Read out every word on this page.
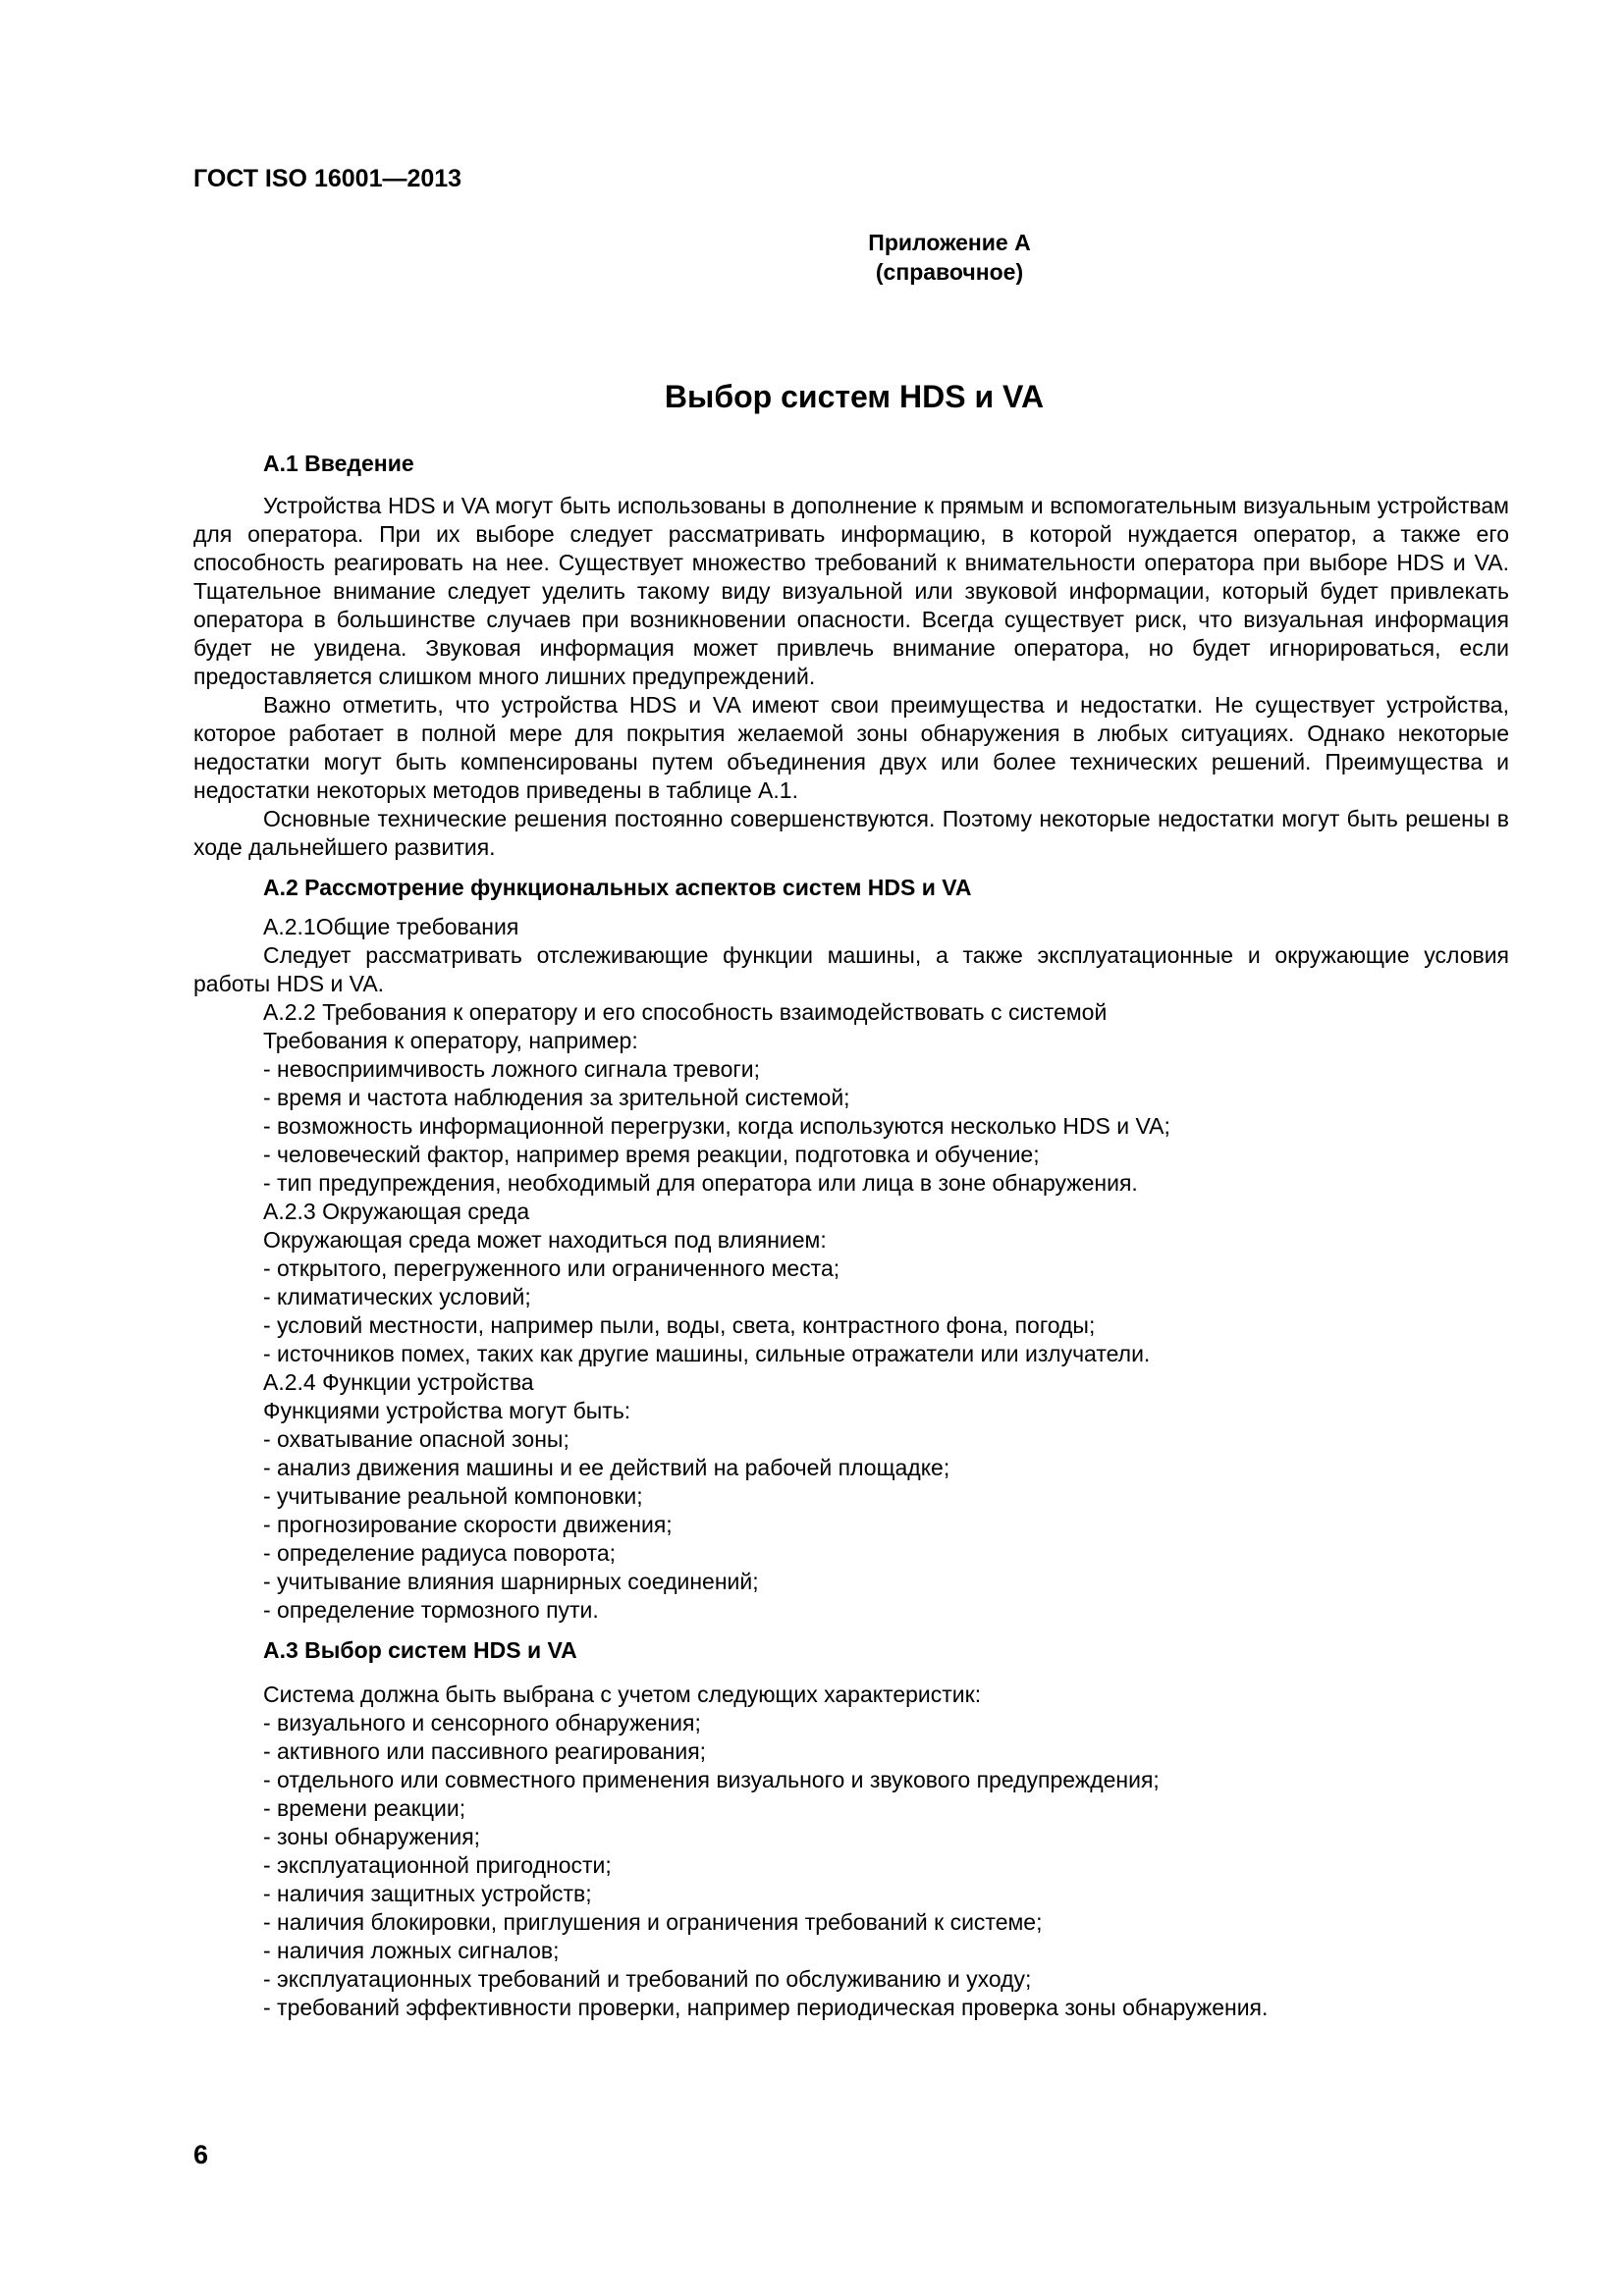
ГОСТ ISO 16001—2013
Приложение А
(справочное)
Выбор систем HDS и VA
А.1 Введение
Устройства HDS и VA могут быть использованы в дополнение к прямым и вспомогательным визуальным устройствам для оператора. При их выборе следует рассматривать информацию, в которой нуждается оператор, а также его способность реагировать на нее. Существует множество требований к внимательности оператора при выборе HDS и VA. Тщательное внимание следует уделить такому виду визуальной или звуковой информации, который будет привлекать оператора в большинстве случаев при возникновении опасности. Всегда существует риск, что визуальная информация будет не увидена. Звуковая информация может привлечь внимание оператора, но будет игнорироваться, если предоставляется слишком много лишних предупреждений.
Важно отметить, что устройства HDS и VA имеют свои преимущества и недостатки. Не существует устройства, которое работает в полной мере для покрытия желаемой зоны обнаружения в любых ситуациях. Однако некоторые недостатки могут быть компенсированы путем объединения двух или более технических решений. Преимущества и недостатки некоторых методов приведены в таблице А.1.
Основные технические решения постоянно совершенствуются. Поэтому некоторые недостатки могут быть решены в ходе дальнейшего развития.
А.2 Рассмотрение функциональных аспектов систем HDS и VA
А.2.1Общие требования
Следует рассматривать отслеживающие функции машины, а также эксплуатационные и окружающие условия работы HDS и VA.
А.2.2 Требования к оператору и его способность взаимодействовать с системой
Требования к оператору, например:
- невосприимчивость ложного сигнала тревоги;
- время и частота наблюдения за зрительной системой;
- возможность информационной перегрузки, когда используются несколько HDS и VA;
- человеческий фактор, например время реакции, подготовка и обучение;
- тип предупреждения, необходимый для оператора или лица в зоне обнаружения.
А.2.3 Окружающая среда
Окружающая среда может находиться под влиянием:
- открытого, перегруженного или ограниченного места;
- климатических условий;
- условий местности, например пыли, воды, света, контрастного фона, погоды;
- источников помех, таких как другие машины, сильные отражатели или излучатели.
А.2.4 Функции устройства
Функциями устройства могут быть:
- охватывание опасной зоны;
- анализ движения машины и ее действий на рабочей площадке;
- учитывание реальной компоновки;
- прогнозирование скорости движения;
- определение радиуса поворота;
- учитывание влияния шарнирных соединений;
- определение тормозного пути.
А.3 Выбор систем HDS и VA
Система должна быть выбрана с учетом следующих характеристик:
- визуального и сенсорного обнаружения;
- активного или пассивного реагирования;
- отдельного или совместного применения визуального и звукового предупреждения;
- времени реакции;
- зоны обнаружения;
- эксплуатационной пригодности;
- наличия защитных устройств;
- наличия блокировки, приглушения и ограничения требований к системе;
- наличия ложных сигналов;
- эксплуатационных требований и требований по обслуживанию и уходу;
- требований эффективности проверки, например периодическая проверка зоны обнаружения.
6
